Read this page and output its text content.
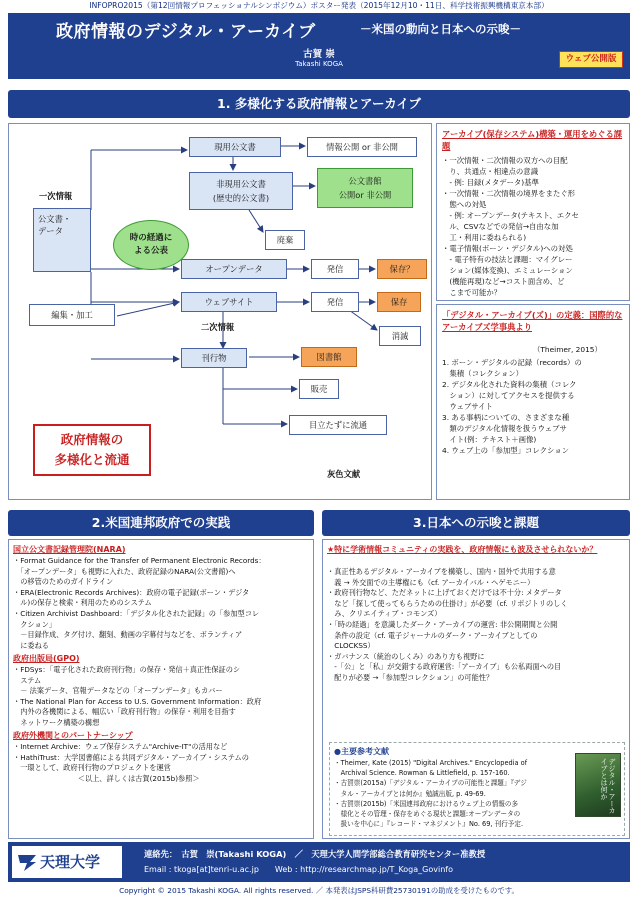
INFOPRO2015（第12回情報プロフェッショナルシンポジウム）ポスター発表（2015年12月10・11日、科学技術振興機構東京本部）
政府情報のデジタル・アーカイブ	－米国の動向と日本への示唆－
古賀 崇
Takashi KOGA	ウェブ公開版
1. 多様化する政府情報とアーカイブ
一次情報
二次情報
灰色文献
公文書・
データ
現用公文書	情報公開 or 非公開
非現用公文書
(歴史的公文書)
公文書館
公開or 非公開
廃棄
時の経過に
よる公表
オープンデータ	発信	保存？
編集・加工
ウェブサイト	発信	保存
消滅
刊行物	図書館
販売
目立たずに流通
政府情報の
多様化と流通
アーカイブ(保存システム)構築・運用をめぐる課題
・一次情報・二次情報の双方への目配
　り、共通点・相違点の意識
　- 例: 目録(メタデータ)基準
・一次情報・二次情報の境界をまたぐ形
　態への対処
　- 例: オープンデータ(テキスト、エクセ
　ル、CSVなどでの発信→自由な加
　工・利用に委ねられる)
・電子情報(ボーン・デジタル)への対処
　- 電子特有の技法と課題：マイグレー
　ション(媒体変換)、エミュレーション
　(機能再現)など→コスト面含め、ど
　こまで可能か？
「デジタル・アーカイブ(ズ)」の定義：国際的なアーカイブズ学事典より
（Theimer, 2015）
1. ボーン・デジタルの記録（records）の
　集積（コレクション）
2. デジタル化された資料の集積（コレク
　ション）に対してアクセスを提供する
　ウェブサイト
3. ある事柄についての、さまざまな種
　類のデジタル化情報を扱うウェブサ
　イト(例：テキスト＋画像)
4. ウェブ上の「参加型」コレクション
2.米国連邦政府での実践
国立公文書記録管理院(NARA)
・Format Guidance for the Transfer of Permanent Electronic Records：
　「オープンデータ」も視野に入れた、政府記録のNARA(公文書館)へ
　の移管のためのガイドライン
・ERA(Electronic Records Archives)：政府の電子記録(ボーン・デジタ
　ル)の保存と検索・利用のためのシステム
・Citizen Archivist Dashboard：「デジタル化された記録」の「参加型コレ
　クション」
　－目録作成、タグ付け、翻刻、動画の字幕付与などを、ボランティア
　に委ねる
政府出版局(GPO)
・FDSys：「電子化された政府刊行物」の保存・発信＋真正性保証のシ
　ステム
　－ 法案データ、官報データなどの「オープンデータ」もカバー
・The National Plan for Access to U.S. Government Information：政府
　内外の各機関による、幅広い「政府刊行物」の保存・利用を目指す
　ネットワーク構築の構想
政府外機関とのパートナーシップ
・Internet Archive：ウェブ保存システム"Archive-IT"の活用など
・HathiTrust：大学図書館による共同デジタル・アーカイブ・システムの
　一環として、政府刊行物のプロジェクトを運営
　　　　　　　　　＜以上、詳しくは古賀(2015b)参照＞
3.日本への示唆と課題
★特に学術情報コミュニティの実践を、政府情報にも波及させられないか？
・真正性あるデジタル・アーカイブを構築し、国内・国外で共用する意
　義 → 外交面での主導権にも（cf. アーカイバル・ヘゲモニー）
・政府刊行物など、ただネットに上げておくだけでは不十分: メタデータ
　など「探して使ってもらうための仕掛け」が必要（cf. リポジトリのしく
　み、クリエイティブ・コモンズ）
・「時の経過」を意識したダーク・アーカイブの運営: 非公開期間と公開
　条件の設定（cf. 電子ジャーナルのダーク・アーカイブとしての
　CLOCKSS）
・ガバナンス（統治のしくみ）のあり方も視野に
　-「公」と「私」が交錯する政府運営:「アーカイブ」も公私両面への目
　配りが必要 →「参加型コレクション」の可能性？
●主要参考文献
・Theimer, Kate (2015) "Digital Archives." Encyclopedia of
　Archival Science. Rowman & Littlefield, p. 157-160.
・古賀崇(2015a)「デジタル・アーカイブの可能性と課題」『デジ
　タル・アーカイブとは何か』勉誠出版, p. 49-69.
・古賀崇(2015b)「米国連邦政府におけるウェブ上の情報の多
　様化とその管理・保存をめぐる現状と課題:オープンデータの
　扱いを中心に」『レコード・マネジメント』No. 69, 刊行予定.
デジタル・アーカイブとは何か
天理大学	連絡先：　古賀　崇(Takashi KOGA)　／　天理大学人間学部総合教育研究センター准教授
Email : tkoga[at]tenri-u.ac.jp　　Web : http://researchmap.jp/T_Koga_Govinfo
Copyright © 2015 Takashi KOGA. All rights reserved. ／ 本発表はJSPS科研費25730191の助成を受けたものです。
